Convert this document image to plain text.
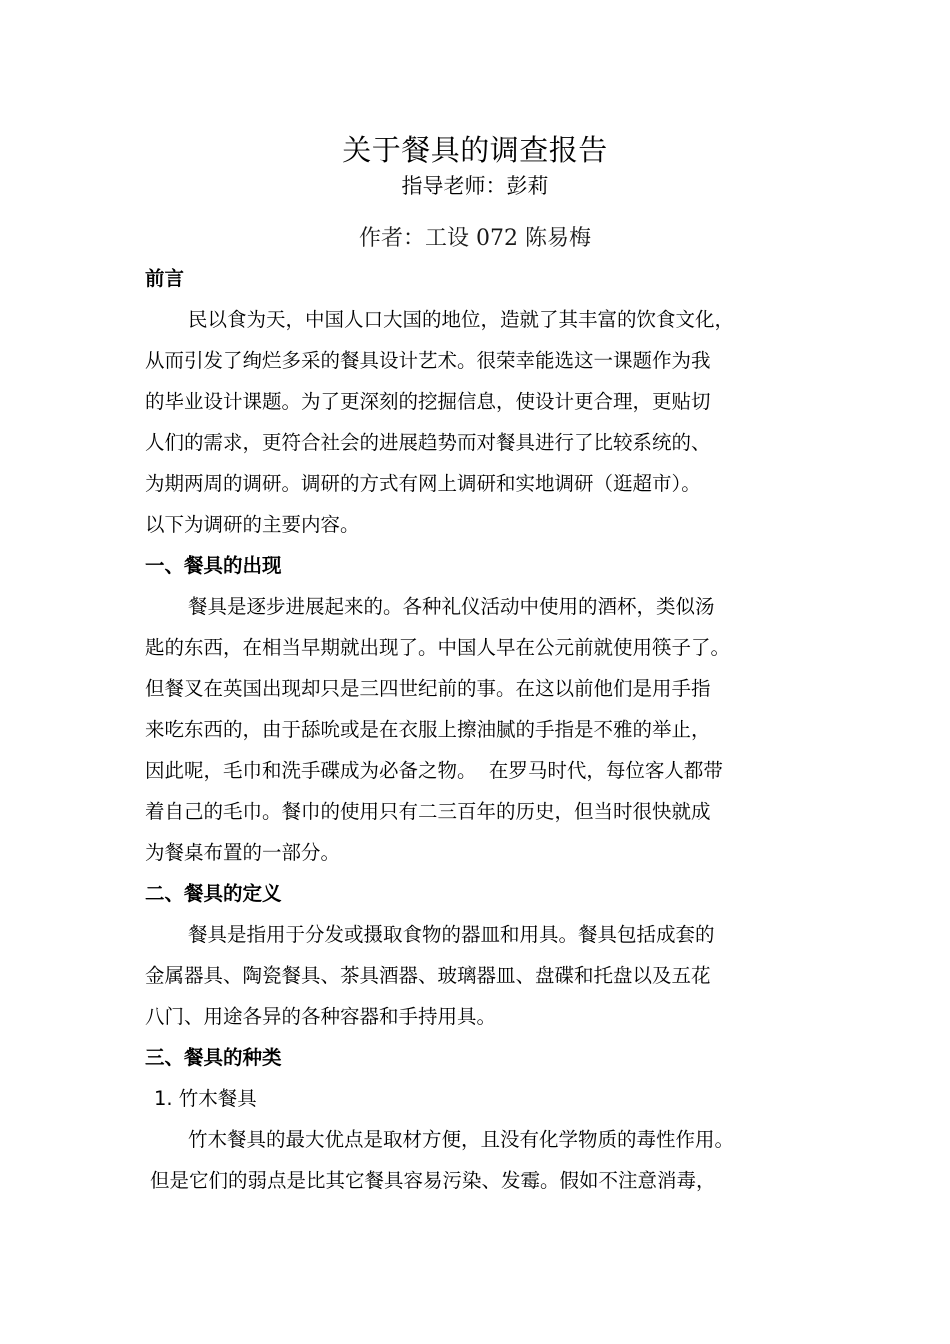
关于餐具的调查报告
指导老师：彭莉
作者：工设 072 陈易梅
前言
民以食为天，中国人口大国的地位，造就了其丰富的饮食文化，
从而引发了绚烂多采的餐具设计艺术。很荣幸能选这一课题作为我
的毕业设计课题。为了更深刻的挖掘信息，使设计更合理，更贴切
人们的需求，更符合社会的进展趋势而对餐具进行了比较系统的、
为期两周的调研。调研的方式有网上调研和实地调研（逛超市）。
以下为调研的主要内容。
一、餐具的出现
餐具是逐步进展起来的。各种礼仪活动中使用的酒杯，类似汤
匙的东西，在相当早期就出现了。中国人早在公元前就使用筷子了。
但餐叉在英国出现却只是三四世纪前的事。在这以前他们是用手指
来吃东西的，由于舔吮或是在衣服上擦油腻的手指是不雅的举止，
因此呢，毛巾和洗手碟成为必备之物。  在罗马时代，每位客人都带
着自己的毛巾。餐巾的使用只有二三百年的历史，但当时很快就成
为餐桌布置的一部分。
二、餐具的定义
餐具是指用于分发或摄取食物的器皿和用具。餐具包括成套的
金属器具、陶瓷餐具、茶具酒器、玻璃器皿、盘碟和托盘以及五花
八门、用途各异的各种容器和手持用具。
三、餐具的种类
1. 竹木餐具
竹木餐具的最大优点是取材方便，且没有化学物质的毒性作用。
但是它们的弱点是比其它餐具容易污染、发霉。假如不注意消毒，
